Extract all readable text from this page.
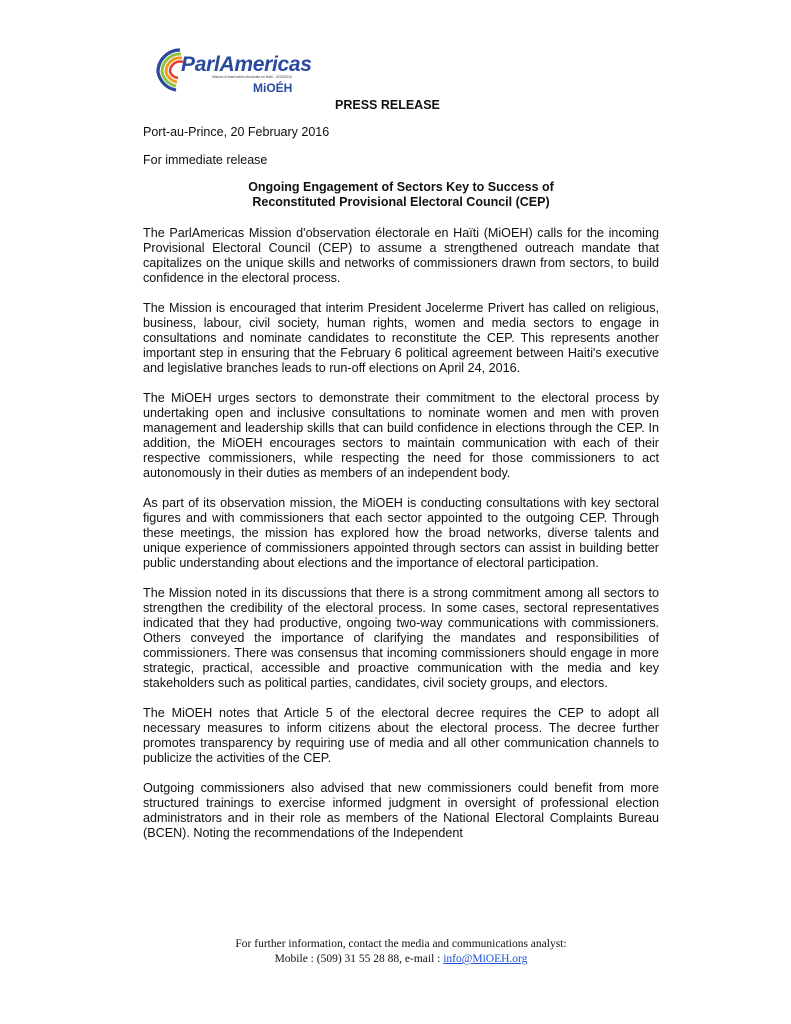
ParlAmericas
Mission d'observation électorale en Haïti - 2015/2016
MiOÉH
PRESS RELEASE
Port-au-Prince, 20 February 2016
For immediate release
Ongoing Engagement of Sectors Key to Success of
Reconstituted Provisional Electoral Council (CEP)

The ParlAmericas Mission d'observation électorale en Haïti (MiOEH) calls for the incoming Provisional Electoral Council (CEP) to assume a strengthened outreach mandate that capitalizes on the unique skills and networks of commissioners drawn from sectors, to build confidence in the electoral process.

The Mission is encouraged that interim President Jocelerme Privert has called on religious, business, labour, civil society, human rights, women and media sectors to engage in consultations and nominate candidates to reconstitute the CEP. This represents another important step in ensuring that the February 6 political agreement between Haiti's executive and legislative branches leads to run-off elections on April 24, 2016.

The MiOEH urges sectors to demonstrate their commitment to the electoral process by undertaking open and inclusive consultations to nominate women and men with proven management and leadership skills that can build confidence in elections through the CEP. In addition, the MiOEH encourages sectors to maintain communication with each of their respective commissioners, while respecting the need for those commissioners to act autonomously in their duties as members of an independent body.

As part of its observation mission, the MiOEH is conducting consultations with key sectoral figures and with commissioners that each sector appointed to the outgoing CEP. Through these meetings, the mission has explored how the broad networks, diverse talents and unique experience of commissioners appointed through sectors can assist in building better public understanding about elections and the importance of electoral participation.

The Mission noted in its discussions that there is a strong commitment among all sectors to strengthen the credibility of the electoral process. In some cases, sectoral representatives indicated that they had productive, ongoing two-way communications with commissioners. Others conveyed the importance of clarifying the mandates and responsibilities of commissioners. There was consensus that incoming commissioners should engage in more strategic, practical, accessible and proactive communication with the media and key stakeholders such as political parties, candidates, civil society groups, and electors.

The MiOEH notes that Article 5 of the electoral decree requires the CEP to adopt all necessary measures to inform citizens about the electoral process. The decree further promotes transparency by requiring use of media and all other communication channels to publicize the activities of the CEP.

Outgoing commissioners also advised that new commissioners could benefit from more structured trainings to exercise informed judgment in oversight of professional election administrators and in their role as members of the National Electoral Complaints Bureau (BCEN). Noting the recommendations of the Independent

For further information, contact the media and communications analyst:
Mobile : (509) 31 55 28 88, e-mail : info@MiOEH.org
